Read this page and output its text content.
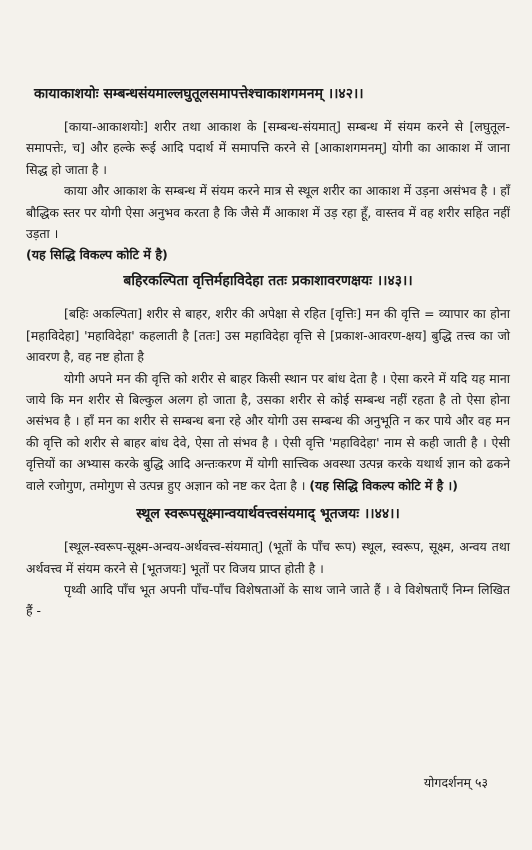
कायाकाशयोः सम्बन्धसंयमाल्लघुतूलसमापत्तेश्चाकाशगमनम् ।।४२।।

[काया-आकाशयोः] शरीर तथा आकाश के [सम्बन्ध-संयमात्] सम्बन्ध में संयम करने से [लघुतूल-समापत्तेः, च] और हल्के रूई आदि पदार्थ में समापत्ति करने से [आकाशगमनम्] योगी का आकाश में जाना सिद्ध हो जाता है ।

काया और आकाश के सम्बन्ध में संयम करने मात्र से स्थूल शरीर का आकाश में उड़ना असंभव है । हाँ बौद्धिक स्तर पर योगी ऐसा अनुभव करता है कि जैसे मैं आकाश में उड़ रहा हूँ, वास्तव में वह शरीर सहित नहीं उड़ता ।

(यह सिद्धि विकल्प कोटि में है)

बहिरकल्पिता वृत्तिर्महाविदेहा ततः प्रकाशावरणक्षयः ।।४३।।

[बहिः अकल्पिता] शरीर से बाहर, शरीर की अपेक्षा से रहित [वृत्तिः] मन की वृत्ति = व्यापार का होना [महाविदेहा] 'महाविदेहा' कहलाती है [ततः] उस महाविदेहा वृत्ति से [प्रकाश-आवरण-क्षय] बुद्धि तत्त्व का जो आवरण है, वह नष्ट होता है

योगी अपने मन की वृत्ति को शरीर से बाहर किसी स्थान पर बांध देता है । ऐसा करने में यदि यह माना जाये कि मन शरीर से बिल्कुल अलग हो जाता है, उसका शरीर से कोई सम्बन्ध नहीं रहता है तो ऐसा होना असंभव है । हाँ मन का शरीर से सम्बन्ध बना रहे और योगी उस सम्बन्ध की अनुभूति न कर पाये और वह मन की वृत्ति को शरीर से बाहर बांध देवे, ऐसा तो संभव है । ऐसी वृत्ति 'महाविदेहा' नाम से कही जाती है । ऐसी वृत्तियों का अभ्यास करके बुद्धि आदि अन्तःकरण में योगी सात्त्विक अवस्था उत्पन्न करके यथार्थ ज्ञान को ढकने वाले रजोगुण, तमोगुण से उत्पन्न हुए अज्ञान को नष्ट कर देता है । (यह सिद्धि विकल्प कोटि में है ।)

स्थूल स्वरूपसूक्ष्मान्वयार्थवत्त्वसंयमाद् भूतजयः ।।४४।।

[स्थूल-स्वरूप-सूक्ष्म-अन्वय-अर्थवत्त्व-संयमात्] (भूतों के पाँच रूप) स्थूल, स्वरूप, सूक्ष्म, अन्वय तथा अर्थवत्त्व में संयम करने से [भूतजयः] भूतों पर विजय प्राप्त होती है ।

पृथ्वी आदि पाँच भूत अपनी पाँच-पाँच विशेषताओं के साथ जाने जाते हैं । वे विशेषताएँ निम्न लिखित हैं -

योगदर्शनम् ५३
